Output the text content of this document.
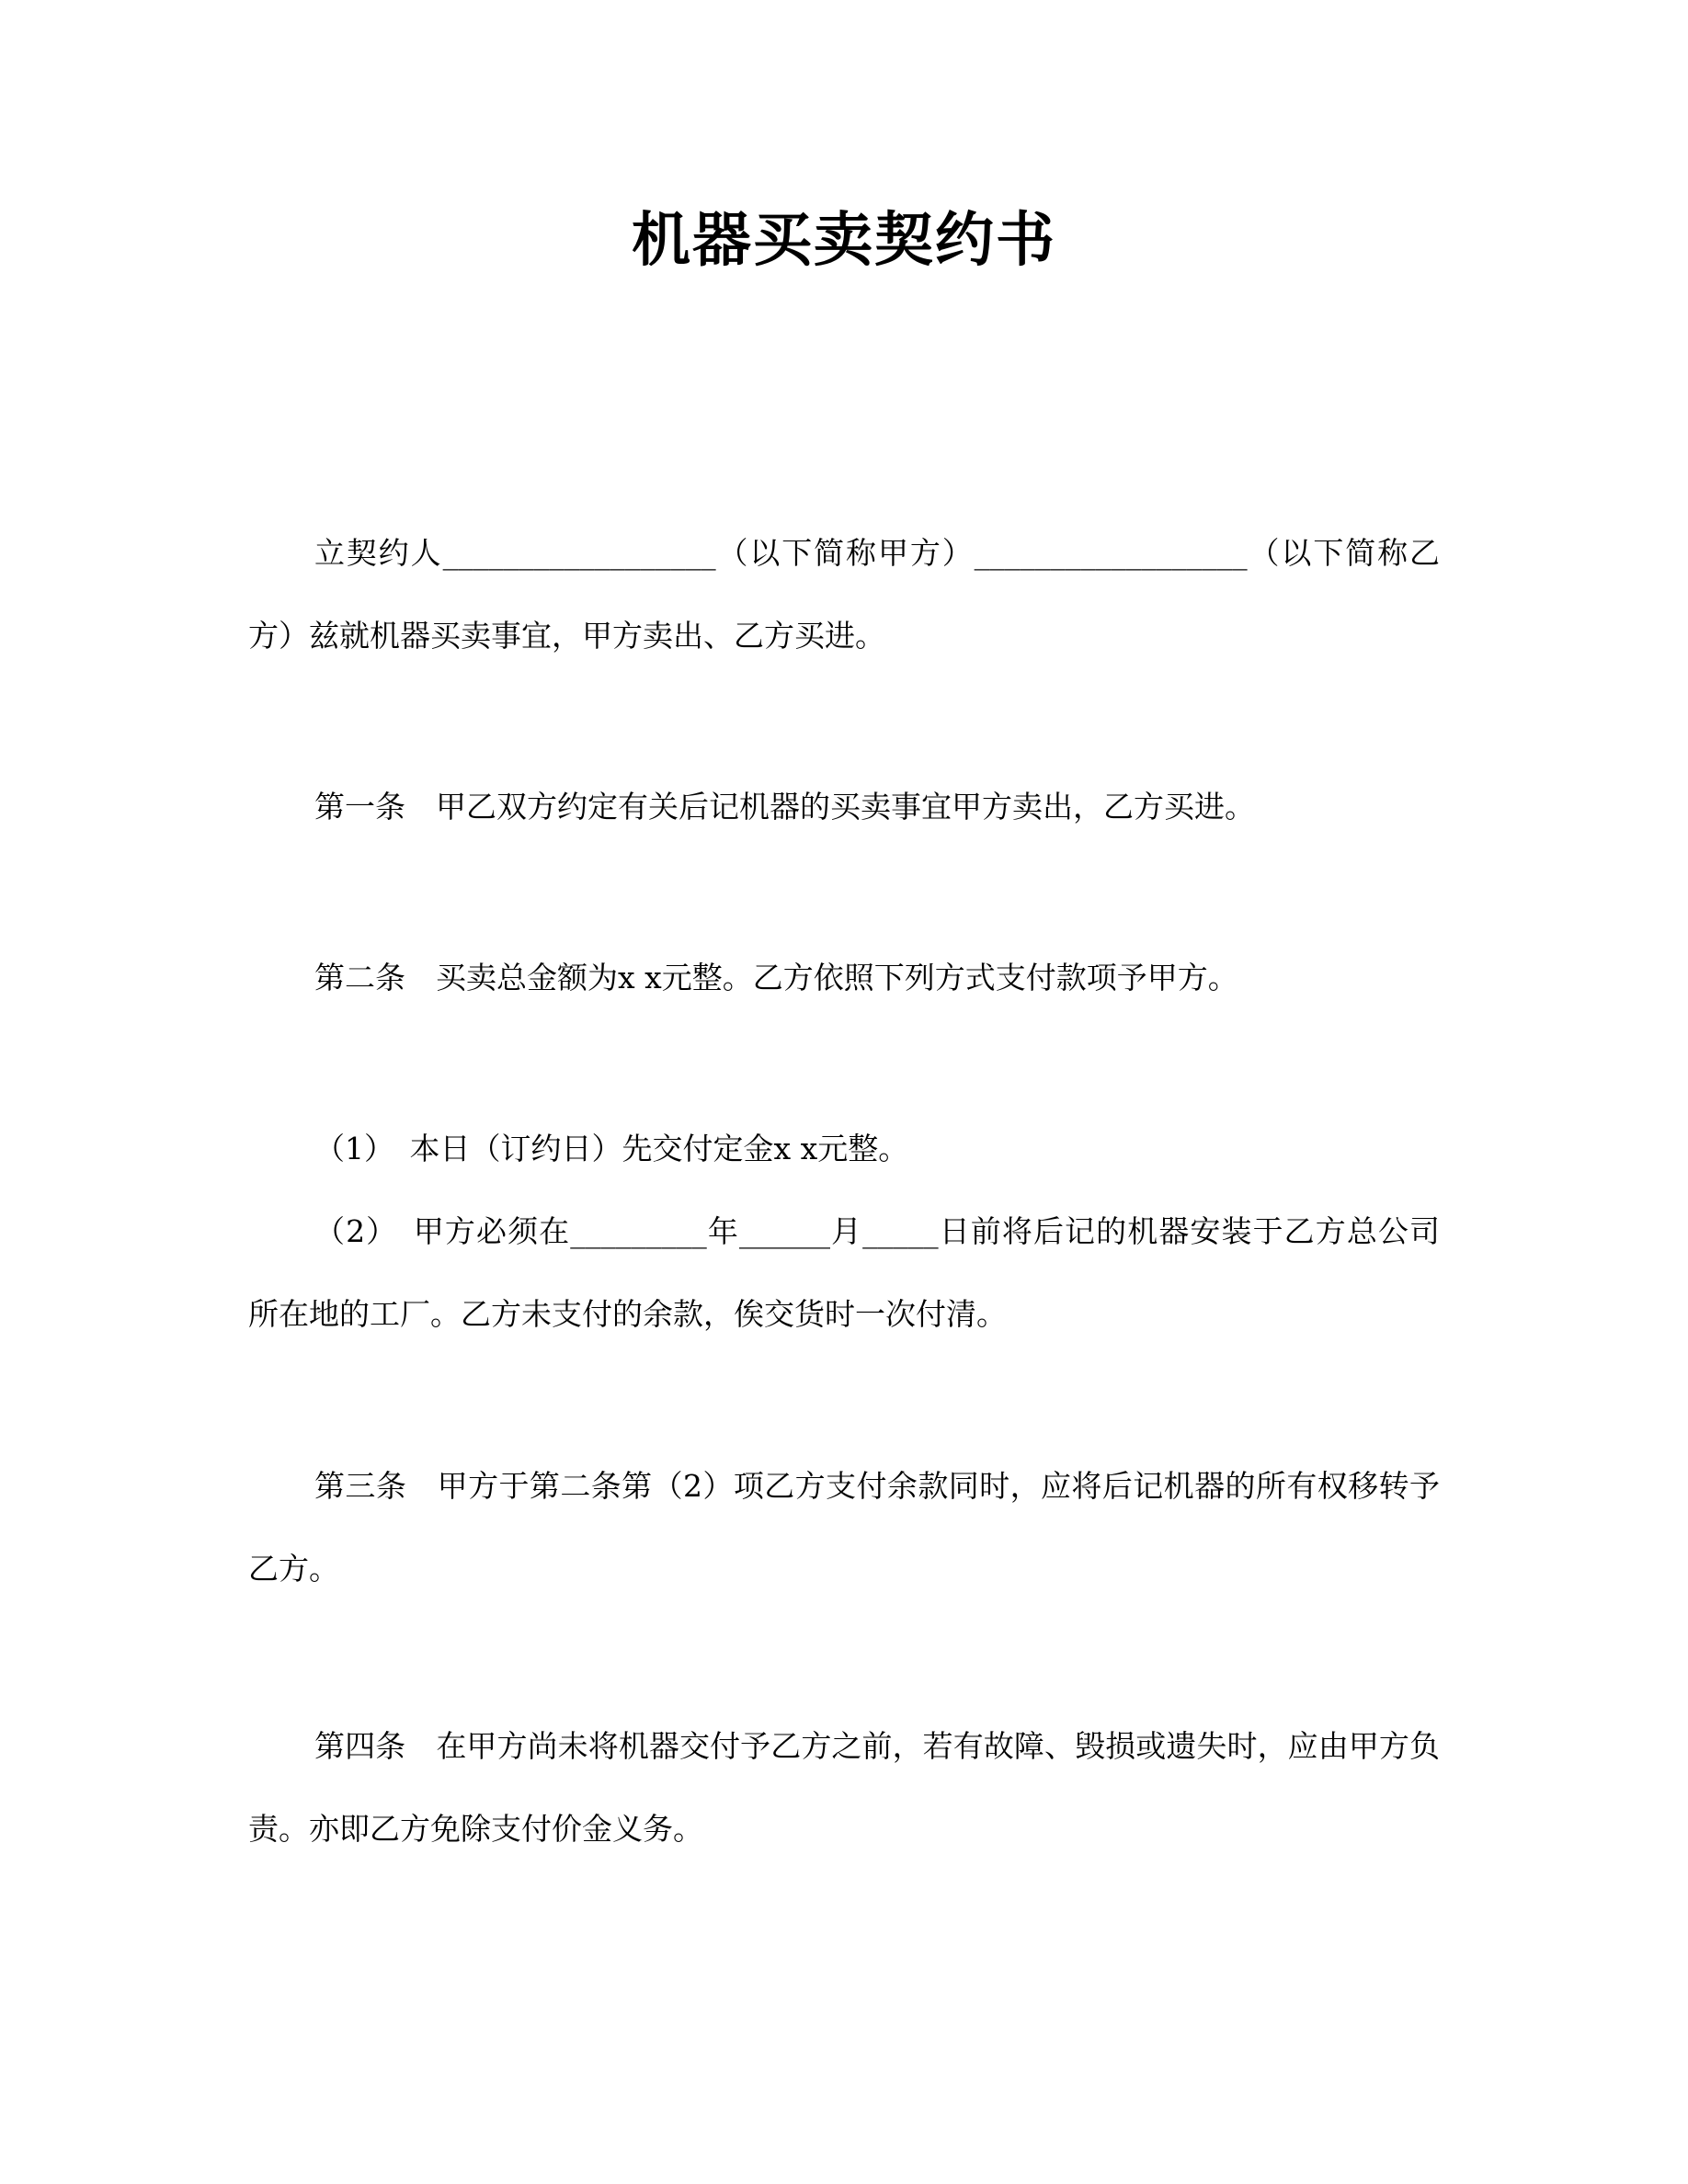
机器买卖契约书

立契约人__________________（以下简称甲方）__________________（以下简称乙方）兹就机器买卖事宜，甲方卖出、乙方买进。

第一条　甲乙双方约定有关后记机器的买卖事宜甲方卖出，乙方买进。

第二条　买卖总金额为x x元整。乙方依照下列方式支付款项予甲方。

（1）　本日（订约日）先交付定金x x元整。

（2）　甲方必须在_________年______月_____日前将后记的机器安装于乙方总公司所在地的工厂。乙方未支付的余款，俟交货时一次付清。

第三条　甲方于第二条第（2）项乙方支付余款同时，应将后记机器的所有权移转予乙方。

第四条　在甲方尚未将机器交付予乙方之前，若有故障、毁损或遗失时，应由甲方负责。亦即乙方免除支付价金义务。
